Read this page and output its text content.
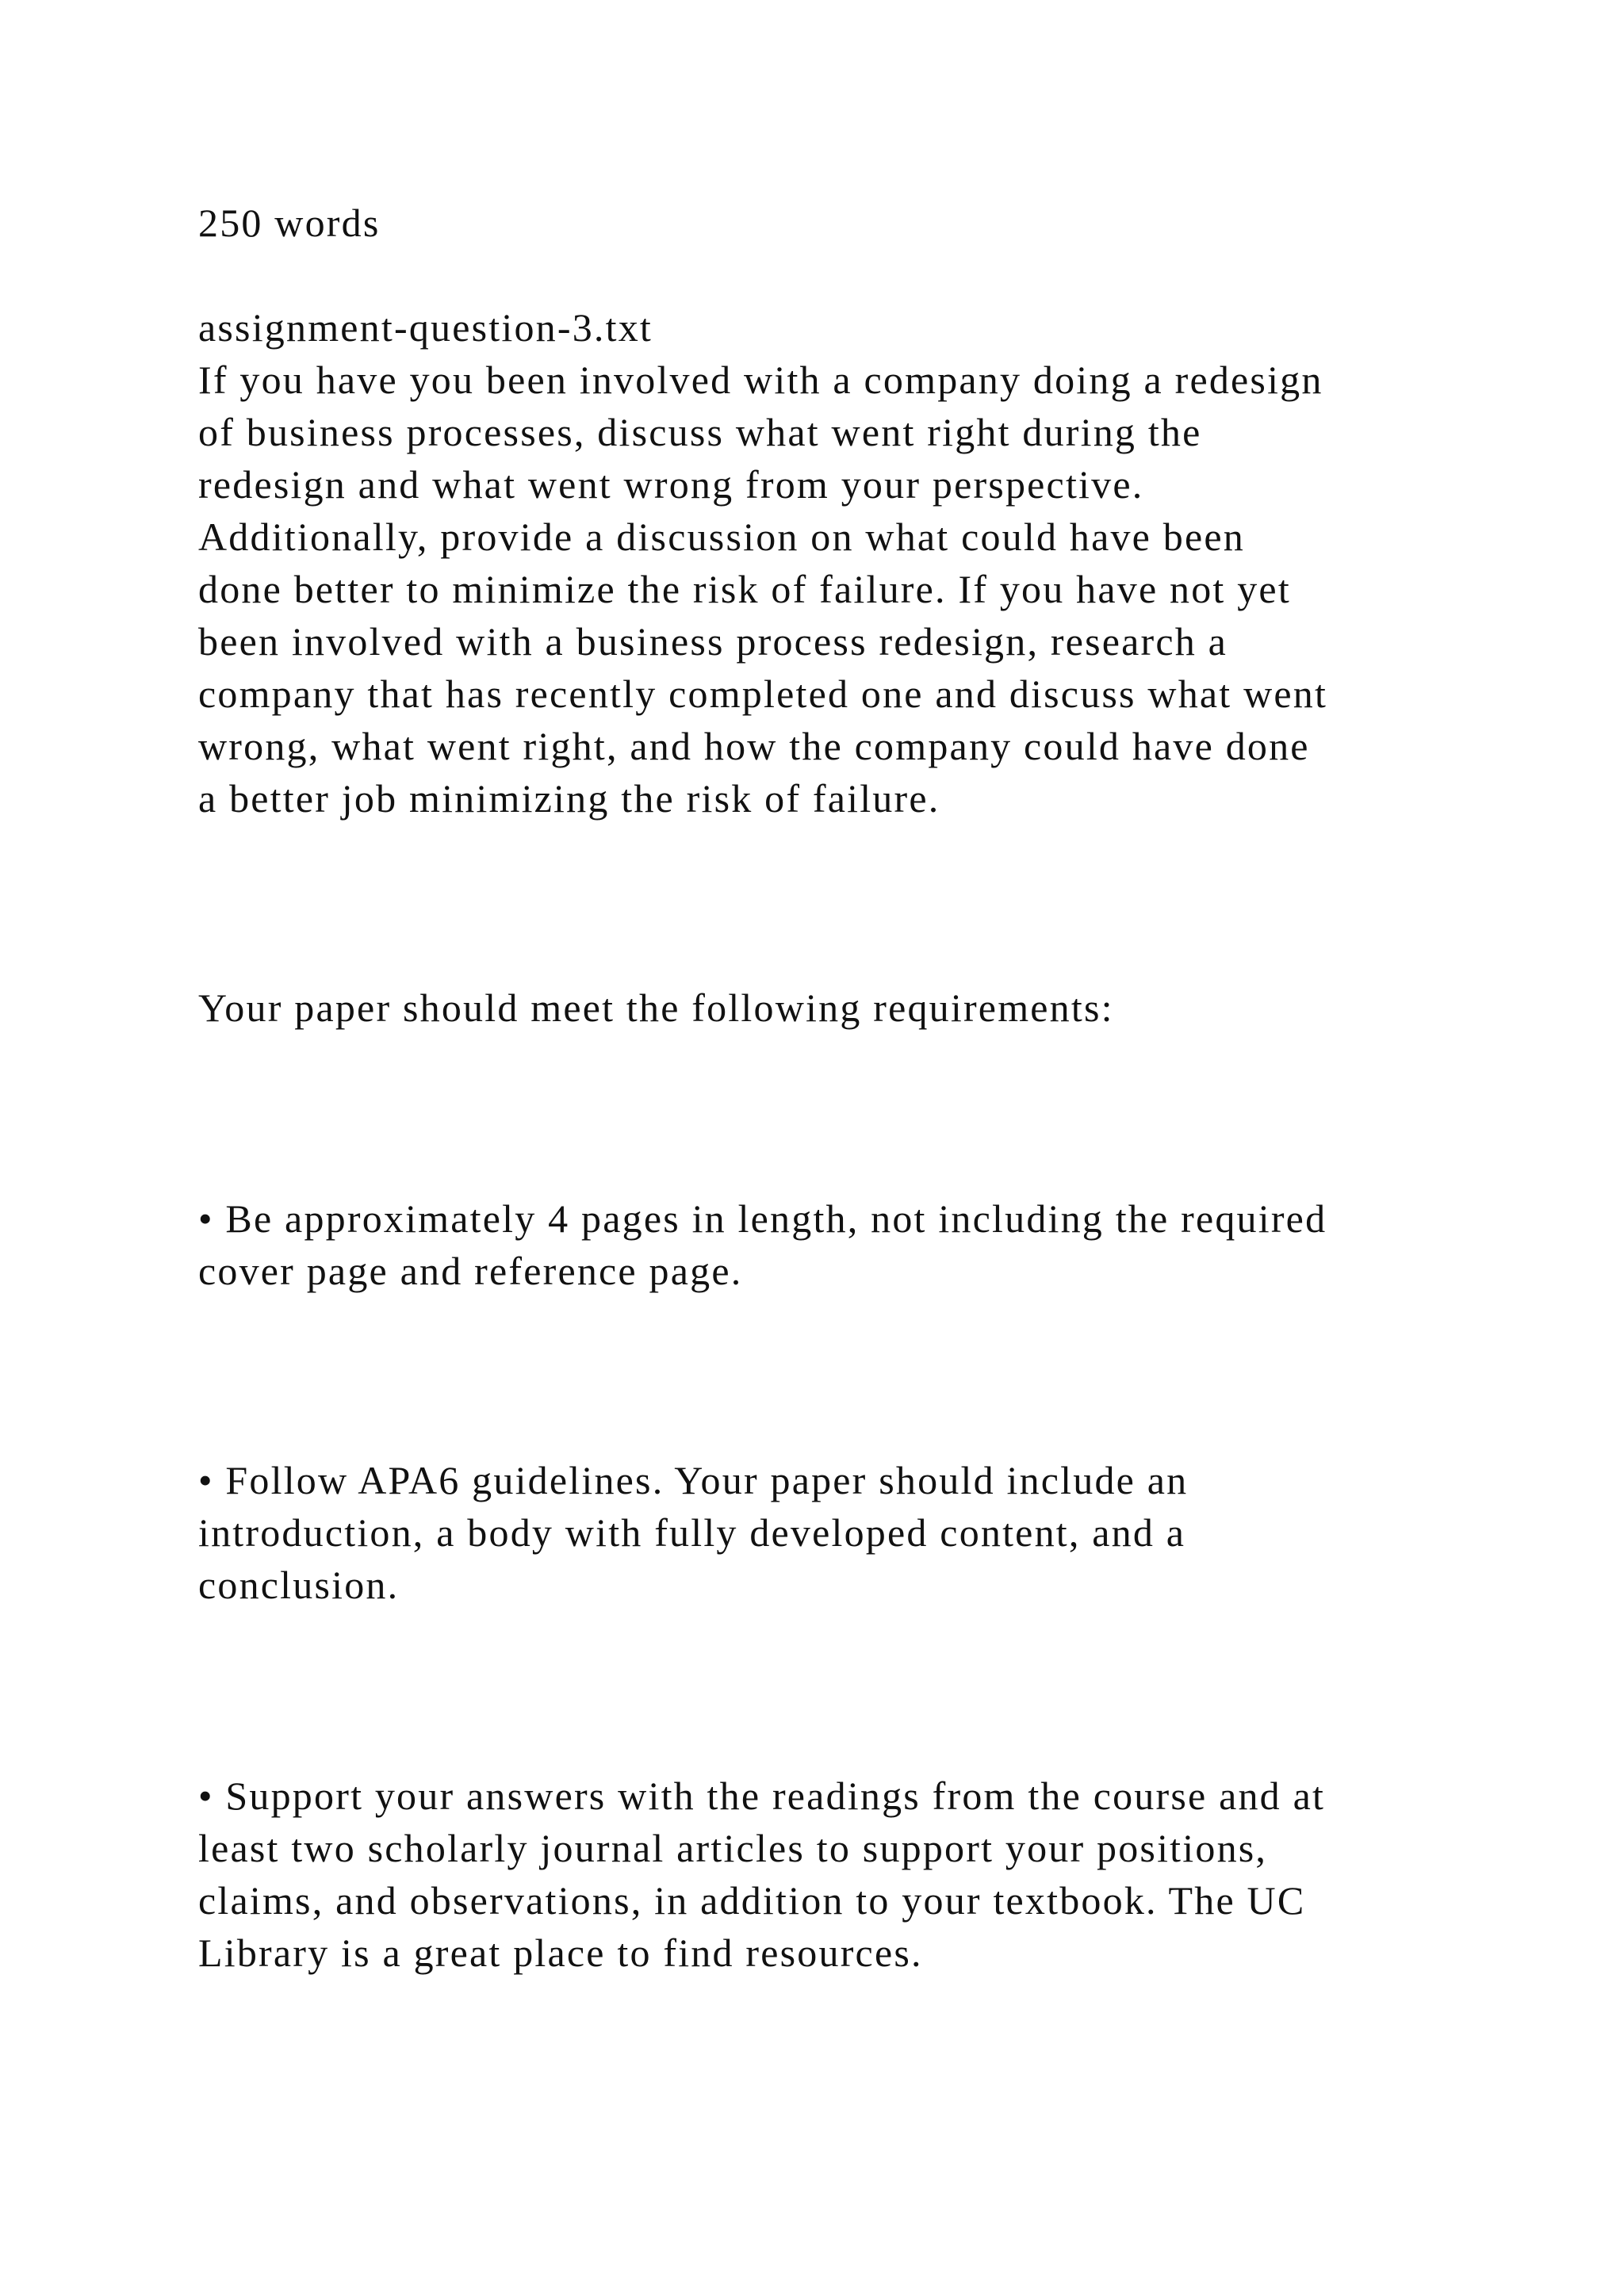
250 words

assignment-question-3.txt

If you have you been involved with a company doing a redesign

of business processes, discuss what went right during the

redesign and what went wrong from your perspective.

Additionally, provide a discussion on what could have been

done better to minimize the risk of failure. If you have not yet

been involved with a business process redesign, research a

company that has recently completed one and discuss what went

wrong, what went right, and how the company could have done

a better job minimizing the risk of failure.

Your paper should meet the following requirements:

• Be approximately 4 pages in length, not including the required

cover page and reference page.

• Follow APA6 guidelines. Your paper should include an

introduction, a body with fully developed content, and a

conclusion.

• Support your answers with the readings from the course and at

least two scholarly journal articles to support your positions,

claims, and observations, in addition to your textbook. The UC

Library is a great place to find resources.
